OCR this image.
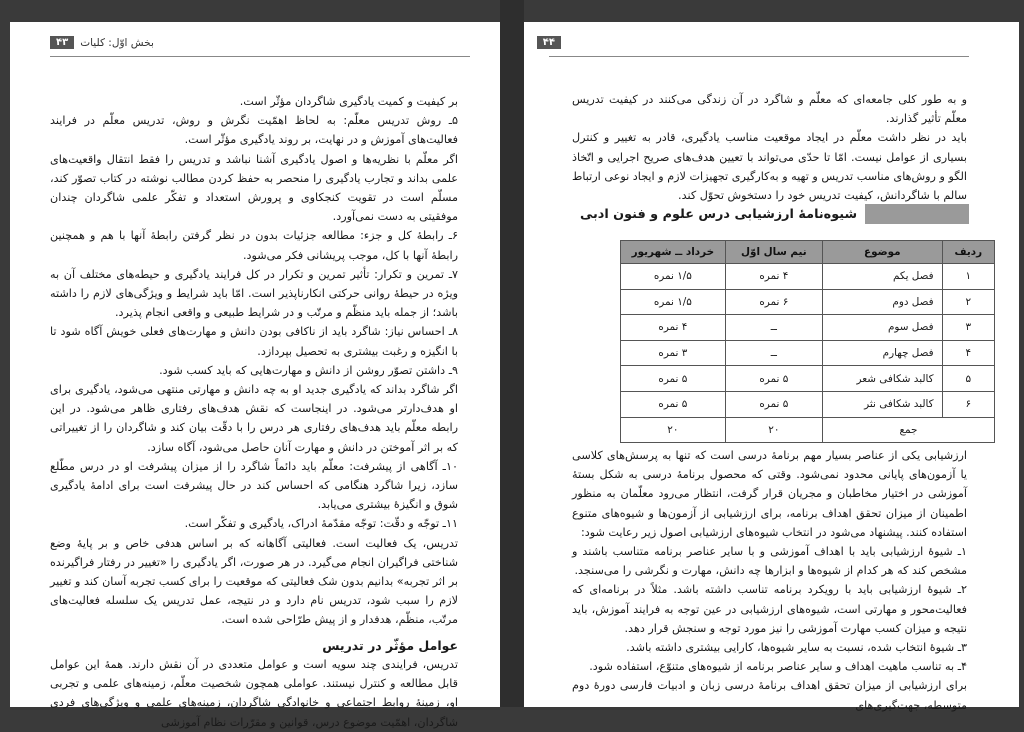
۴۳	بخش اوّل: کلیات

بر کیفیت و کمیت یادگیری شاگردان مؤثّر است.

۵ـ روش تدریس معلّم: به لحاظ اهمّیت نگرش و روش، تدریس معلّم در فرایند فعالیت‌های آموزش و در نهایت، بر روند یادگیری مؤثّر است.

اگر معلّم با نظریه‌ها و اصول یادگیری آشنا نباشد و تدریس را فقط انتقال واقعیت‌های علمی بداند و تجارب یادگیری را منحصر به حفظ کردن مطالب نوشته در کتاب تصوّر کند، مسلّم است در تقویت کنجکاوی و پرورش استعداد و تفکّر علمی شاگردان چندان موفقیتی به دست نمی‌آورد.

۶ـ رابطهٔ کل و جزء: مطالعه جزئیات بدون در نظر گرفتن رابطهٔ آنها با هم و همچنین رابطهٔ آنها با کل، موجب پریشانی فکر می‌شود.

۷ـ تمرین و تکرار: تأثیر تمرین و تکرار در کل فرایند یادگیری و حیطه‌های مختلف آن به ویژه در حیطهٔ روانی حرکتی انکارناپذیر است. امّا باید شرایط و ویژگی‌های لازم را داشته باشد؛ از جمله باید منظّم و مرتّب و در شرایط طبیعی و واقعی انجام پذیرد.

۸ـ احساس نیاز: شاگرد باید از ناکافی بودن دانش و مهارت‌های فعلی خویش آگاه شود تا با انگیزه و رغبت بیشتری به تحصیل بپردازد.

۹ـ داشتن تصوّر روشن از دانش و مهارت‌هایی که باید کسب شود.

اگر شاگرد بداند که یادگیری جدید او به چه دانش و مهارتی منتهی می‌شود، یادگیری برای او هدف‌دارتر می‌شود. در اینجاست که نقش هدف‌های رفتاری ظاهر می‌شود. در این رابطه معلّم باید هدف‌های رفتاری هر درس را با دقّت بیان کند و شاگردان را از تغییراتی که بر اثر آموختن در دانش و مهارت آنان حاصل می‌شود، آگاه سازد.

۱۰ـ آگاهی از پیشرفت: معلّم باید دائماً شاگرد را از میزان پیشرفت او در درس مطّلع سازد، زیرا شاگرد هنگامی که احساس کند در حال پیشرفت است برای ادامهٔ یادگیری شوق و انگیزهٔ بیشتری می‌یابد.

۱۱ـ توجّه و دقّت: توجّه مقدّمهٔ ادراک، یادگیری و تفکّر است.

تدریس، یک فعالیت است. فعالیتی آگاهانه که بر اساس هدفی خاص و بر پایهٔ وضع شناختی فراگیران انجام می‌گیرد. در هر صورت، اگر یادگیری را «تغییر در رفتار فراگیرنده بر اثر تجربه» بدانیم بدون شک فعالیتی که موقعیت را برای کسب تجربه آسان کند و تغییر لازم را سبب شود، تدریس نام دارد و در نتیجه، عمل تدریس یک سلسله فعالیت‌های مرتّب، منظّم، هدفدار و از پیش طرّاحی شده است.

عوامل مؤثّر در تدریس

تدریس، فرایندی چند سویه است و عوامل متعددی در آن نقش دارند. همهٔ این عوامل قابل مطالعه و کنترل نیستند. عواملی همچون شخصیت معلّم، زمینه‌های علمی و تجربی او، زمینهٔ روابط اجتماعی و خانوادگی شاگردان، زمینه‌های علمی و ویژگی‌های فردی شاگردان، اهمّیت موضوع درس، قوانین و مقرّرات نظام آموزشی

۴۴

و به طور کلی جامعه‌ای که معلّم و شاگرد در آن زندگی می‌کنند در کیفیت تدریس معلّم تأثیر گذارند.

باید در نظر داشت معلّم در ایجاد موقعیت مناسب یادگیری، قادر به تغییر و کنترل بسیاری از عوامل نیست. امّا تا حدّی می‌تواند با تعیین هدف‌های صریح اجرایی و اتّخاذ الگو و روش‌های مناسب تدریس و تهیه و به‌کارگیری تجهیزات لازم و ایجاد نوعی ارتباط سالم با شاگردانش، کیفیت تدریس خود را دستخوش تحوّل کند.

شیوه‌نامهٔ ارزشیابی درس علوم و فنون ادبی
ردیف	موضوع	نیم سال اوّل	خرداد ــ شهریور
۱	فصل یکم	۴ نمره	۱/۵ نمره
۲	فصل دوم	۶ نمره	۱/۵ نمره
۳	فصل سوم	ــ	۴ نمره
۴	فصل چهارم	ــ	۳ نمره
۵	کالبد شکافی شعر	۵ نمره	۵ نمره
۶	کالبد شکافی نثر	۵ نمره	۵ نمره
جمع		۲۰	۲۰

ارزشیابی یکی از عناصر بسیار مهم برنامهٔ درسی است که تنها به پرسش‌های کلاسی یا آزمون‌های پایانی محدود نمی‌شود. وقتی که محصول برنامهٔ درسی به شکل بستهٔ آموزشی در اختیار مخاطبان و مجریان قرار گرفت، انتظار می‌رود معلّمان به منظور اطمینان از میزان تحقق اهداف برنامه، برای ارزشیابی از آزمون‌ها و شیوه‌های متنوع استفاده کنند. پیشنهاد می‌شود در انتخاب شیوه‌های ارزشیابی اصول زیر رعایت شود:

۱ـ شیوهٔ ارزشیابی باید با اهداف آموزشی و با سایر عناصر برنامه متناسب باشند و مشخص کند که هر کدام از شیوه‌ها و ابزارها چه دانش، مهارت و نگرشی را می‌سنجد.

۲ـ شیوهٔ ارزشیابی باید با رویکرد برنامه تناسب داشته باشد. مثلاً در برنامه‌ای که فعالیت‌محور و مهارتی است، شیوه‌های ارزشیابی در عین توجه به فرایند آموزش، باید نتیجه و میزان کسب مهارت آموزشی را نیز مورد توجه و سنجش قرار دهد.

۳ـ شیوهٔ انتخاب شده، نسبت به سایر شیوه‌ها، کارایی بیشتری داشته باشد.

۴ـ به تناسب ماهیت اهداف و سایر عناصر برنامه از شیوه‌های متنوّع، استفاده شود.

برای ارزشیابی از میزان تحقق اهداف برنامهٔ درسی زبان و ادبیات فارسی دورهٔ دوم متوسطه، جهت‌گیری‌های
